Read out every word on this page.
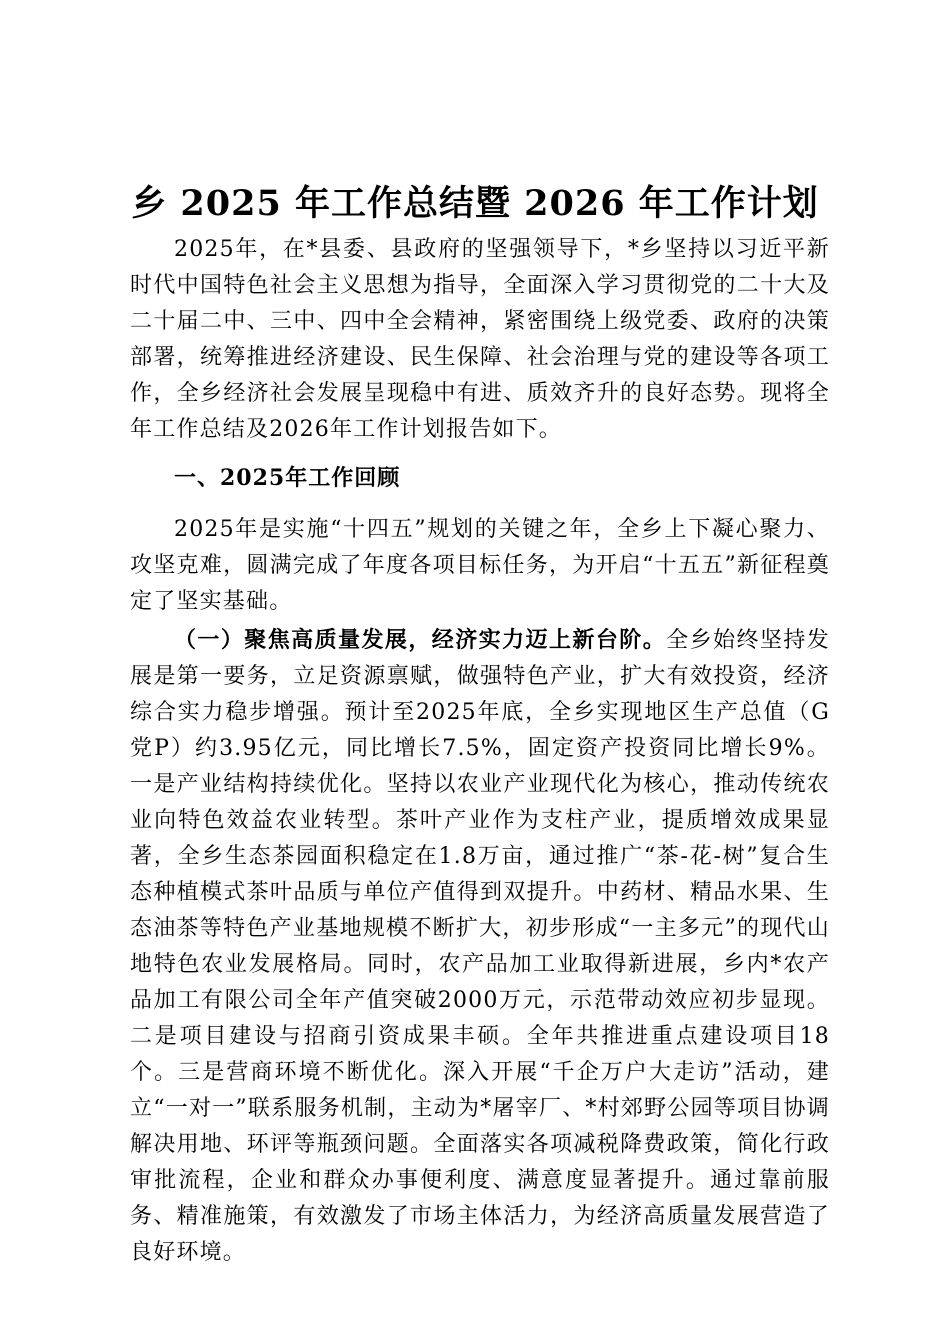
乡 2025 年工作总结暨 2026 年工作计划

2025年，在*县委、县政府的坚强领导下，*乡坚持以习近平新时代中国特色社会主义思想为指导，全面深入学习贯彻党的二十大及二十届二中、三中、四中全会精神，紧密围绕上级党委、政府的决策部署，统筹推进经济建设、民生保障、社会治理与党的建设等各项工作，全乡经济社会发展呈现稳中有进、质效齐升的良好态势。现将全年工作总结及2026年工作计划报告如下。

一、2025年工作回顾

2025年是实施“十四五”规划的关键之年，全乡上下凝心聚力、攻坚克难，圆满完成了年度各项目标任务，为开启“十五五”新征程奠定了坚实基础。

（一）聚焦高质量发展，经济实力迈上新台阶。全乡始终坚持发展是第一要务，立足资源禀赋，做强特色产业，扩大有效投资，经济综合实力稳步增强。预计至2025年底，全乡实现地区生产总值（G党P）约3.95亿元，同比增长7.5%，固定资产投资同比增长9%。一是产业结构持续优化。坚持以农业产业现代化为核心，推动传统农业向特色效益农业转型。茶叶产业作为支柱产业，提质增效成果显著，全乡生态茶园面积稳定在1.8万亩，通过推广“茶-花-树”复合生态种植模式茶叶品质与单位产值得到双提升。中药材、精品水果、生态油茶等特色产业基地规模不断扩大，初步形成“一主多元”的现代山地特色农业发展格局。同时，农产品加工业取得新进展，乡内*农产品加工有限公司全年产值突破2000万元，示范带动效应初步显现。二是项目建设与招商引资成果丰硕。全年共推进重点建设项目18个。三是营商环境不断优化。深入开展“千企万户大走访”活动，建立“一对一”联系服务机制，主动为*屠宰厂、*村郊野公园等项目协调解决用地、环评等瓶颈问题。全面落实各项减税降费政策，简化行政审批流程，企业和群众办事便利度、满意度显著提升。通过靠前服务、精准施策，有效激发了市场主体活力，为经济高质量发展营造了良好环境。
